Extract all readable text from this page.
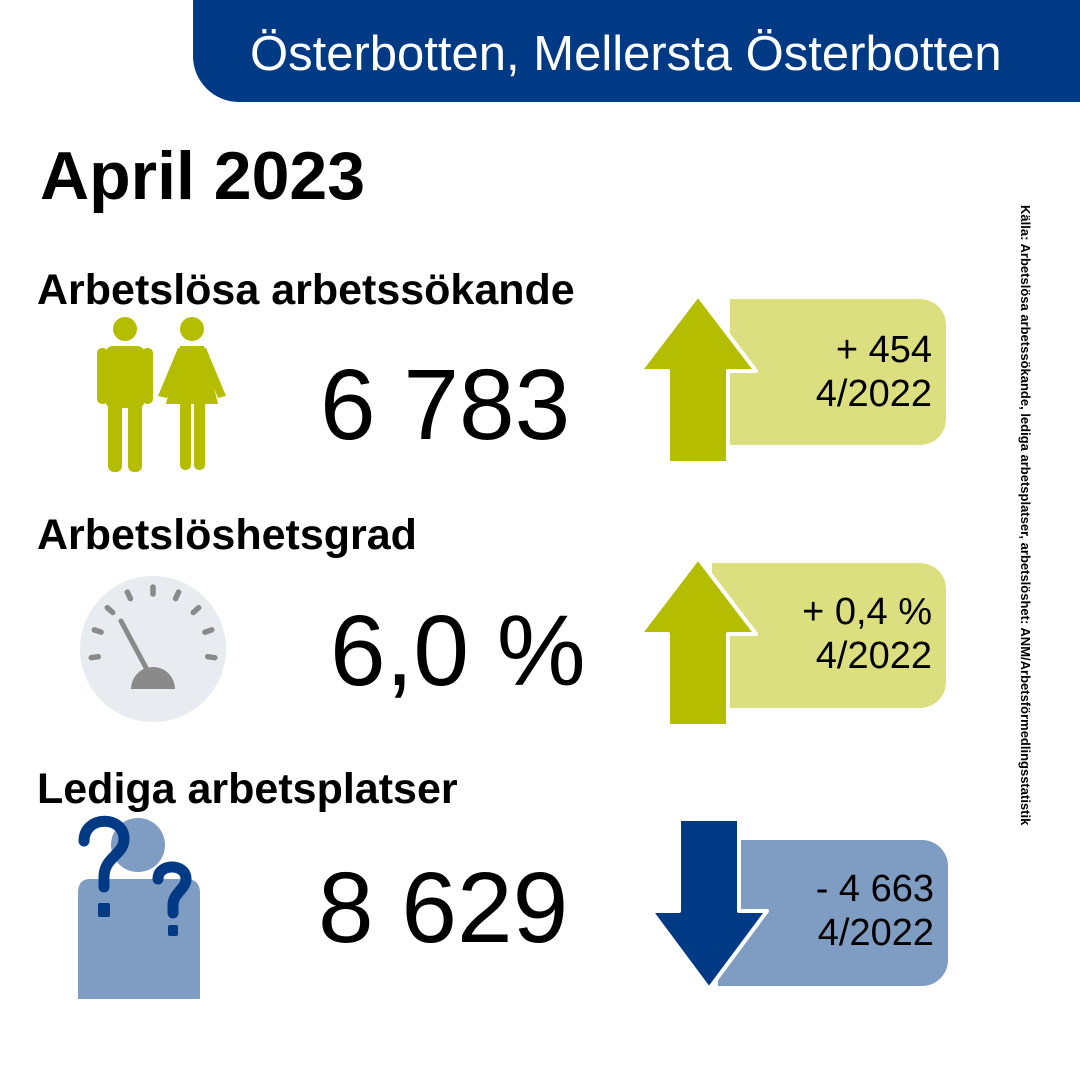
Österbotten, Mellersta Österbotten
April 2023
Arbetslösa arbetssökande
6 783	+ 454
4/2022
Arbetslöshetsgrad
6,0 %	+ 0,4 %
4/2022
Lediga arbetsplatser
8 629	- 4 663
4/2022
Källa: Arbetslösa arbetssökande, lediga arbetsplatser, arbetslöshet: ANM/Arbetsförmedlingsstatistik
